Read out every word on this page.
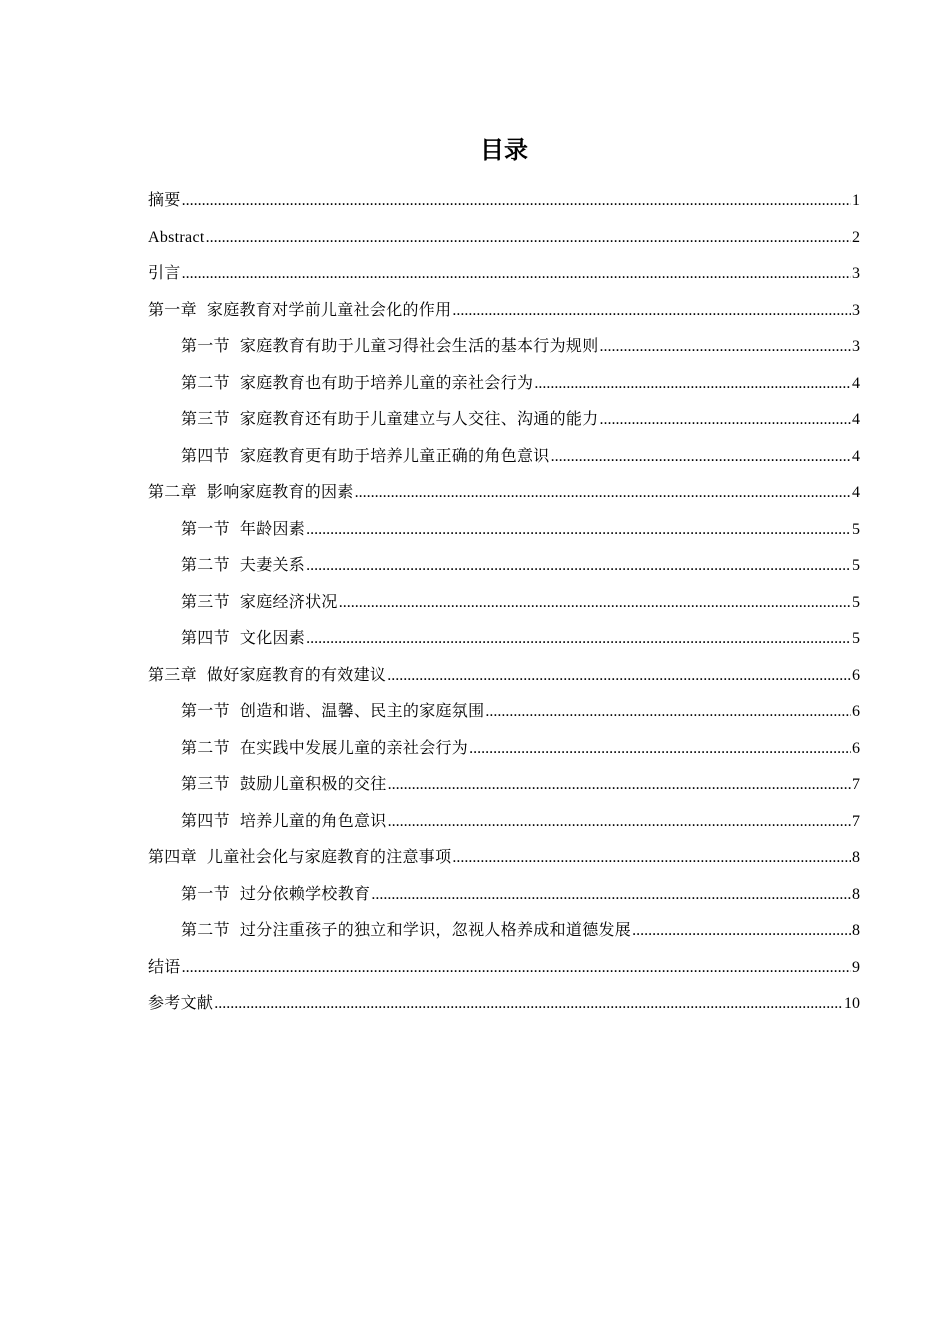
目录
摘要 .....	1
Abstract .....	2
引言 .....	3
第一章 家庭教育对学前儿童社会化的作用 .....	3
第一节 家庭教育有助于儿童习得社会生活的基本行为规则 .....	3
第二节 家庭教育也有助于培养儿童的亲社会行为 .....	4
第三节 家庭教育还有助于儿童建立与人交往、沟通的能力 .....	4
第四节 家庭教育更有助于培养儿童正确的角色意识 .....	4
第二章 影响家庭教育的因素 .....	4
第一节 年龄因素 .....	5
第二节 夫妻关系 .....	5
第三节 家庭经济状况 .....	5
第四节 文化因素 .....	5
第三章 做好家庭教育的有效建议 .....	6
第一节 创造和谐、温馨、民主的家庭氛围 .....	6
第二节 在实践中发展儿童的亲社会行为 .....	6
第三节 鼓励儿童积极的交往 .....	7
第四节 培养儿童的角色意识 .....	7
第四章 儿童社会化与家庭教育的注意事项 .....	8
第一节 过分依赖学校教育 .....	8
第二节 过分注重孩子的独立和学识，忽视人格养成和道德发展 .....	8
结语 .....	9
参考文献 .....	10
